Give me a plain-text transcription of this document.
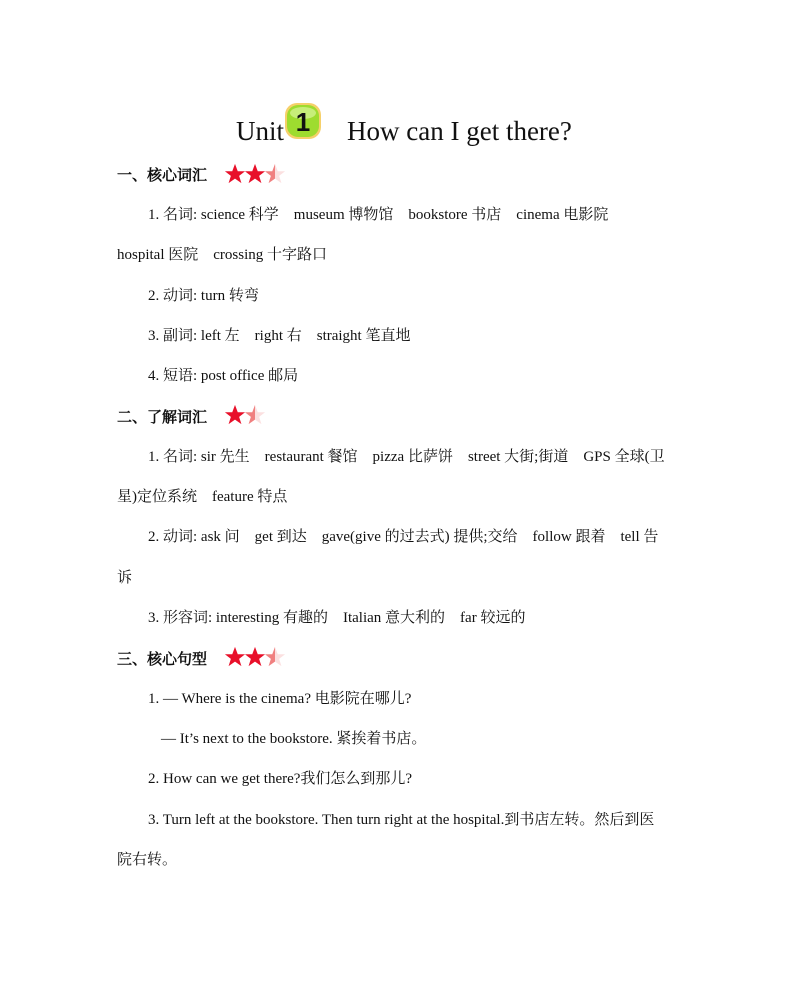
Unit 1 How can I get there?
一、核心词汇
1. 名词: science 科学　museum 博物馆　bookstore 书店　cinema 电影院
hospital 医院　crossing 十字路口
2. 动词: turn 转弯
3. 副词: left 左　right 右　straight 笔直地
4. 短语: post office 邮局
二、了解词汇
1. 名词: sir 先生　restaurant 餐馆　pizza 比萨饼　street 大街;街道　GPS 全球(卫
星)定位系统　feature 特点
2. 动词: ask 问　get 到达　gave(give 的过去式) 提供;交给　follow 跟着　tell 告
诉
3. 形容词: interesting 有趣的　Italian 意大利的　far 较远的
三、核心句型
1. — Where is the cinema? 电影院在哪儿?
— It’s next to the bookstore. 紧挨着书店。
2. How can we get there?我们怎么到那儿?
3. Turn left at the bookstore. Then turn right at the hospital.到书店左转。然后到医
院右转。
